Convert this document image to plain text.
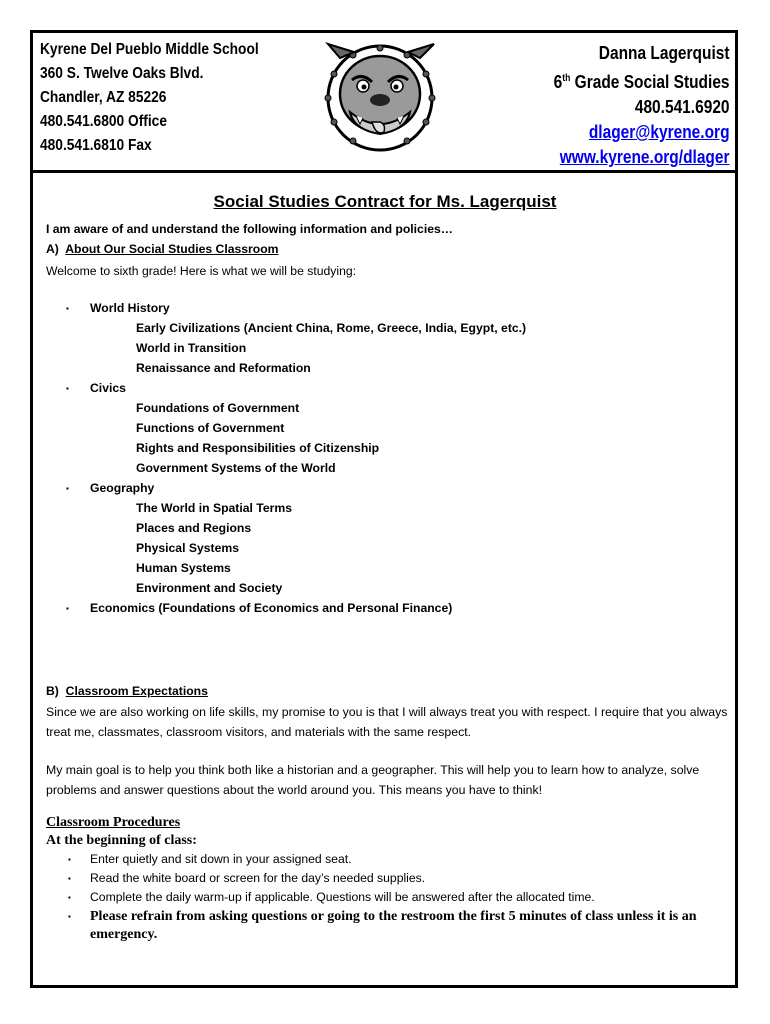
Kyrene Del Pueblo Middle School
360 S. Twelve Oaks Blvd.
Chandler, AZ 85226
480.541.6800 Office
480.541.6810 Fax
Danna Lagerquist
6th Grade Social Studies
480.541.6920
dlager@kyrene.org
www.kyrene.org/dlager
Social Studies Contract for Ms. Lagerquist
I am aware of and understand the following information and policies…
A) About Our Social Studies Classroom
Welcome to sixth grade! Here is what we will be studying:
▪ World History
Early Civilizations (Ancient China, Rome, Greece, India, Egypt, etc.)
World in Transition
Renaissance and Reformation
▪ Civics
Foundations of Government
Functions of Government
Rights and Responsibilities of Citizenship
Government Systems of the World
▪ Geography
The World in Spatial Terms
Places and Regions
Physical Systems
Human Systems
Environment and Society
▪ Economics (Foundations of Economics and Personal Finance)
B) Classroom Expectations
Since we are also working on life skills, my promise to you is that I will always treat you with respect. I require that you always treat me, classmates, classroom visitors, and materials with the same respect.
My main goal is to help you think both like a historian and a geographer. This will help you to learn how to analyze, solve problems and answer questions about the world around you. This means you have to think!
Classroom Procedures
At the beginning of class:
▪ Enter quietly and sit down in your assigned seat.
▪ Read the white board or screen for the day’s needed supplies.
▪ Complete the daily warm-up if applicable. Questions will be answered after the allocated time.
▪ Please refrain from asking questions or going to the restroom the first 5 minutes of class unless it is an emergency.
